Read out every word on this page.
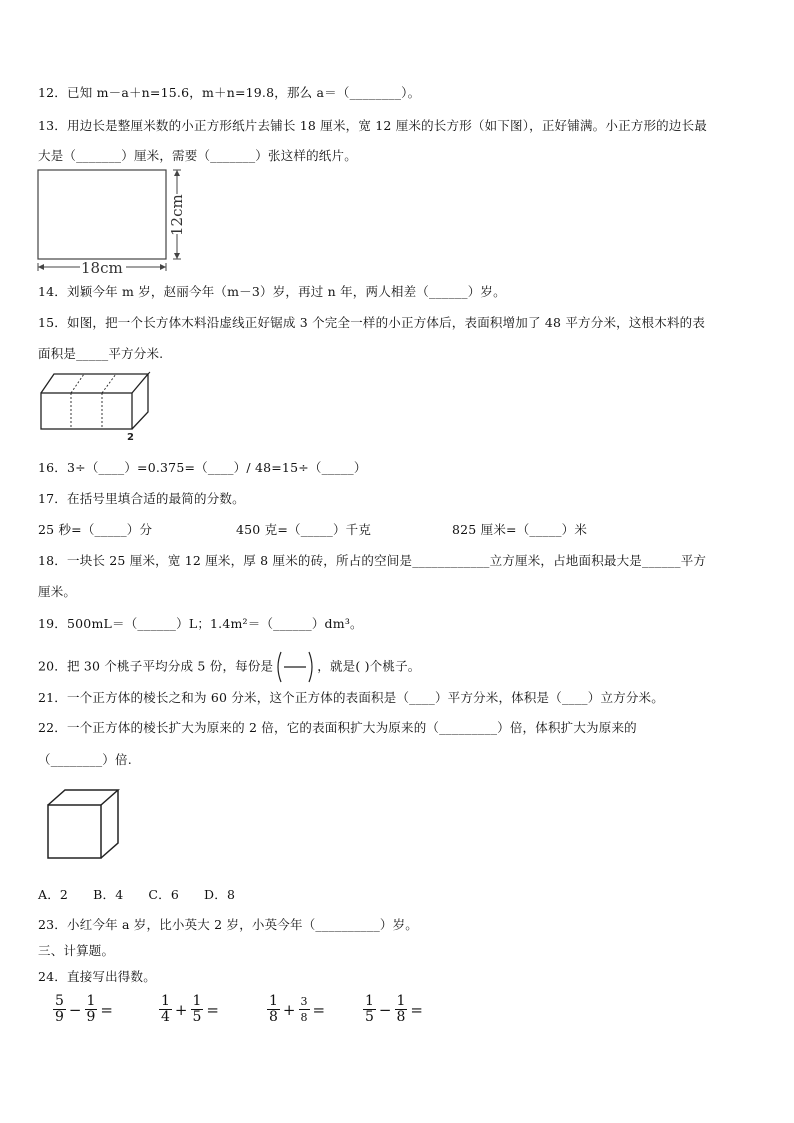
12．已知 m－a＋n=15.6，m＋n=19.8，那么 a＝（________）。
13．用边长是整厘米数的小正方形纸片去铺长 18 厘米，宽 12 厘米的长方形（如下图），正好铺满。小正方形的边长最
大是（_______）厘米，需要（_______）张这样的纸片。
12cm
18cm
14．刘颖今年 m 岁，赵丽今年（m－3）岁，再过 n 年，两人相差（______）岁。
15．如图，把一个长方体木料沿虚线正好锯成 3 个完全一样的小正方体后，表面积增加了 48 平方分米，这根木料的表
面积是_____平方分米.
2
16．3÷（____）=0.375=（____）/ 48=15÷（_____）
17．在括号里填合适的最简的分数。
25 秒=（_____）分	450 克=（_____）千克	825 厘米=（_____）米
18．一块长 25 厘米，宽 12 厘米，厚 8 厘米的砖，所占的空间是____________立方厘米，占地面积最大是______平方
厘米。
19．500mL＝（______）L；1.4m²＝（______）dm³。
20．把 30 个桃子平均分成 5 份，每份是	，就是( )个桃子。
21．一个正方体的棱长之和为 60 分米，这个正方体的表面积是（____）平方分米，体积是（____）立方分米。
22．一个正方体的棱长扩大为原来的 2 倍，它的表面积扩大为原来的（_________）倍，体积扩大为原来的
（________）倍.
A．2      B．4      C．6      D．8
23．小红今年 a 岁，比小英大 2 岁，小英今年（__________）岁。
三、计算题。
24．直接写出得数。
$\frac{5}{9} - \frac{1}{9}$ =	$\frac{1}{4} + \frac{1}{5}$ =	$\frac{1}{8} + \frac{3}{8}$ =	$\frac{1}{5} - \frac{1}{8}$ =
